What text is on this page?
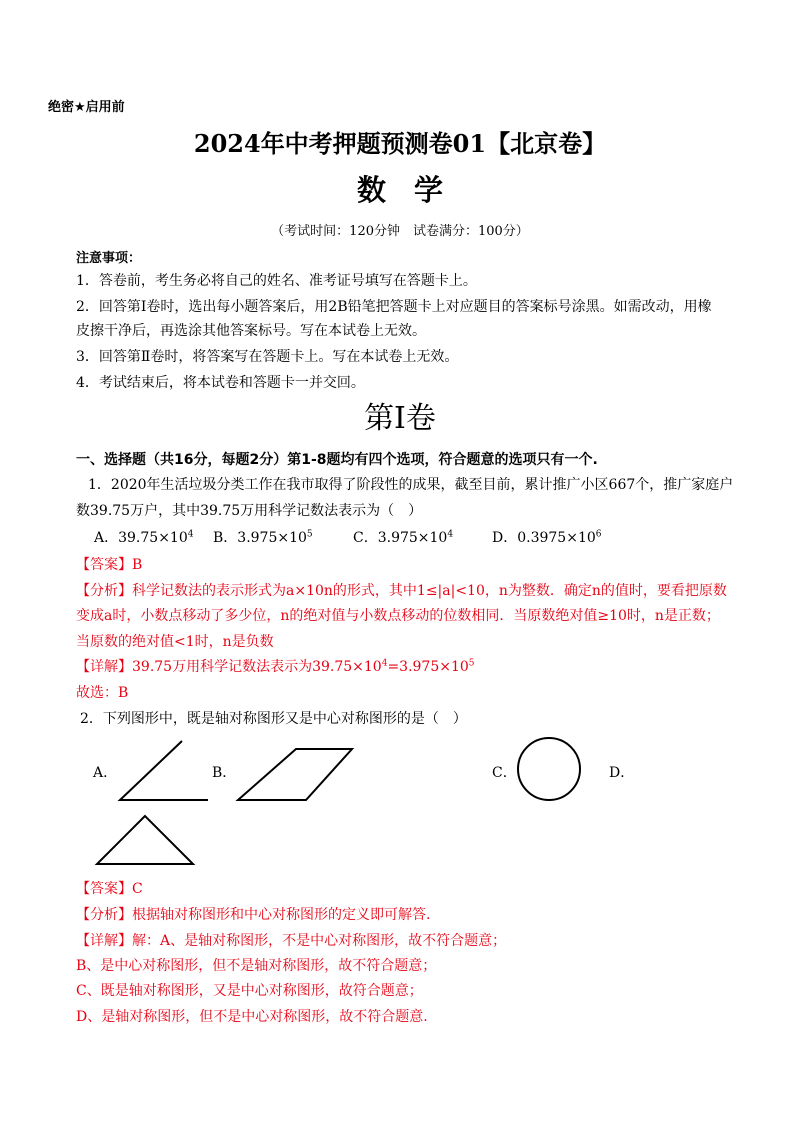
绝密★启用前
2024年中考押题预测卷01【北京卷】
数学
（考试时间：120分钟　试卷满分：100分）
注意事项：
1．答卷前，考生务必将自己的姓名、准考证号填写在答题卡上。
2．回答第Ⅰ卷时，选出每小题答案后，用2B铅笔把答题卡上对应题目的答案标号涂黑。如需改动，用橡
皮擦干净后，再选涂其他答案标号。写在本试卷上无效。
3．回答第Ⅱ卷时，将答案写在答题卡上。写在本试卷上无效。
4．考试结束后，将本试卷和答题卡一并交回。
第Ⅰ卷
一、选择题（共16分，每题2分）第1-8题均有四个选项，符合题意的选项只有一个.
1．2020年生活垃圾分类工作在我市取得了阶段性的成果，截至目前，累计推广小区667个，推广家庭户
数39.75万户，其中39.75万用科学记数法表示为（　）
A．$39.75\times 10^4$ B．$3.975\times 10^5$	C．$3.975\times 10^4$	D．$0.3975\times 10^6$
【答案】B
【分析】科学记数法的表示形式为a×10n的形式，其中1≤|a|<10，n为整数．确定n的值时，要看把原数
变成a时，小数点移动了多少位，n的绝对值与小数点移动的位数相同．当原数绝对值≥10时，n是正数；
当原数的绝对值<1时，n是负数
【详解】39.75万用科学记数法表示为$39.75\times 10^4=3.975\times 10^5$
故选：B
2．下列图形中，既是轴对称图形又是中心对称图形的是（　）
A．	B．	C．	D．
【答案】C
【分析】根据轴对称图形和中心对称图形的定义即可解答.
【详解】解：A、是轴对称图形，不是中心对称图形，故不符合题意；
B、是中心对称图形，但不是轴对称图形，故不符合题意；
C、既是轴对称图形，又是中心对称图形，故符合题意；
D、是轴对称图形，但不是中心对称图形，故不符合题意.
